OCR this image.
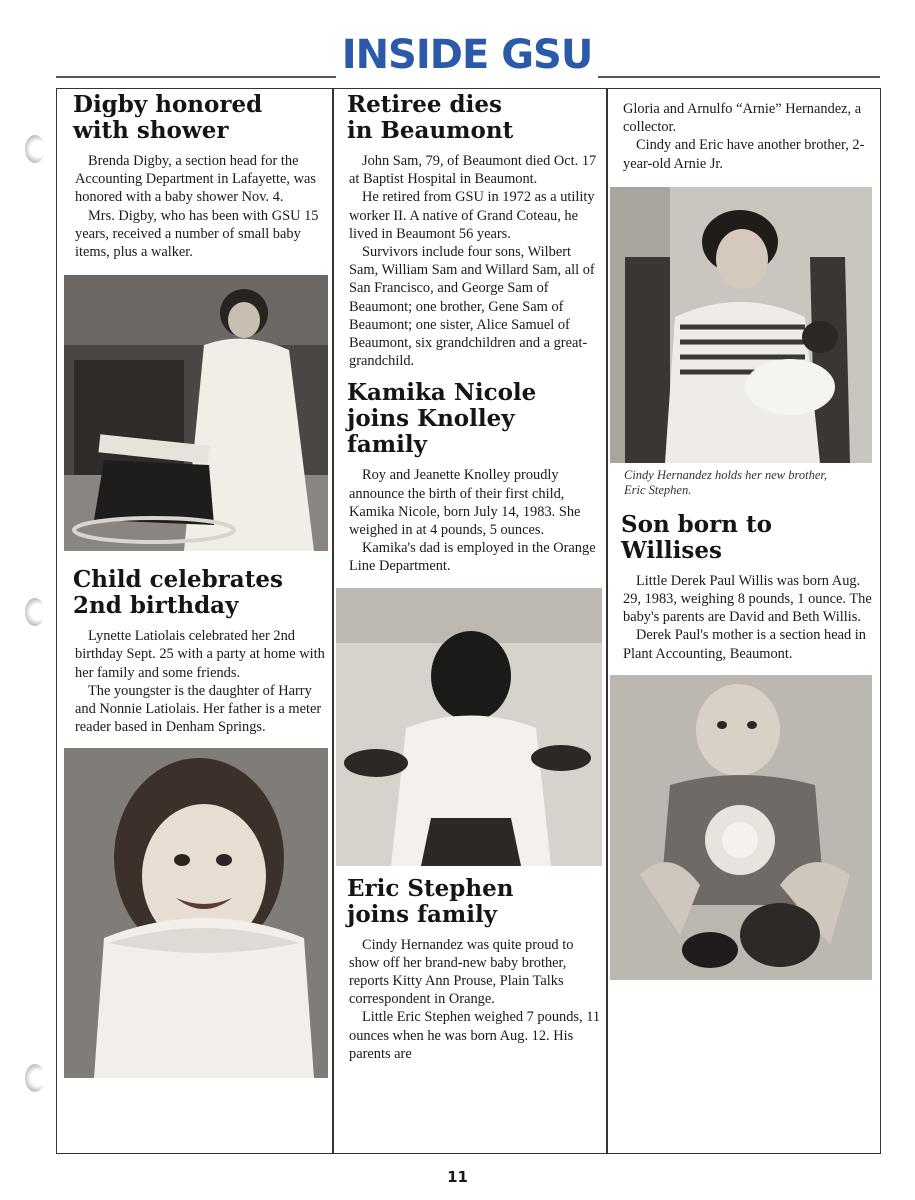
INSIDE GSU
Digby honored with shower

Brenda Digby, a section head for the Accounting Department in Lafayette, was honored with a baby shower Nov. 4.

Mrs. Digby, who has been with GSU 15 years, received a number of small baby items, plus a walker.

Child celebrates 2nd birthday

Lynette Latiolais celebrated her 2nd birthday Sept. 25 with a party at home with her family and some friends.

The youngster is the daughter of Harry and Nonnie Latiolais. Her father is a meter reader based in Denham Springs.

Retiree dies in Beaumont

John Sam, 79, of Beaumont died Oct. 17 at Baptist Hospital in Beaumont.

He retired from GSU in 1972 as a utility worker II. A native of Grand Coteau, he lived in Beaumont 56 years.

Survivors include four sons, Wilbert Sam, William Sam and Willard Sam, all of San Francisco, and George Sam of Beaumont; one brother, Gene Sam of Beaumont; one sister, Alice Samuel of Beaumont, six grandchildren and a great-grandchild.

Kamika Nicole joins Knolley family

Roy and Jeanette Knolley proudly announce the birth of their first child, Kamika Nicole, born July 14, 1983. She weighed in at 4 pounds, 5 ounces.

Kamika's dad is employed in the Orange Line Department.

Eric Stephen joins family

Cindy Hernandez was quite proud to show off her brand-new baby brother, reports Kitty Ann Prouse, Plain Talks correspondent in Orange.

Little Eric Stephen weighed 7 pounds, 11 ounces when he was born Aug. 12. His parents are

Gloria and Arnulfo “Arnie” Hernandez, a collector.

Cindy and Eric have another brother, 2-year-old Arnie Jr.

Cindy Hernandez holds her new brother, Eric Stephen.
Son born to Willises

Little Derek Paul Willis was born Aug. 29, 1983, weighing 8 pounds, 1 ounce. The baby's parents are David and Beth Willis.

Derek Paul's mother is a section head in Plant Accounting, Beaumont.

11
